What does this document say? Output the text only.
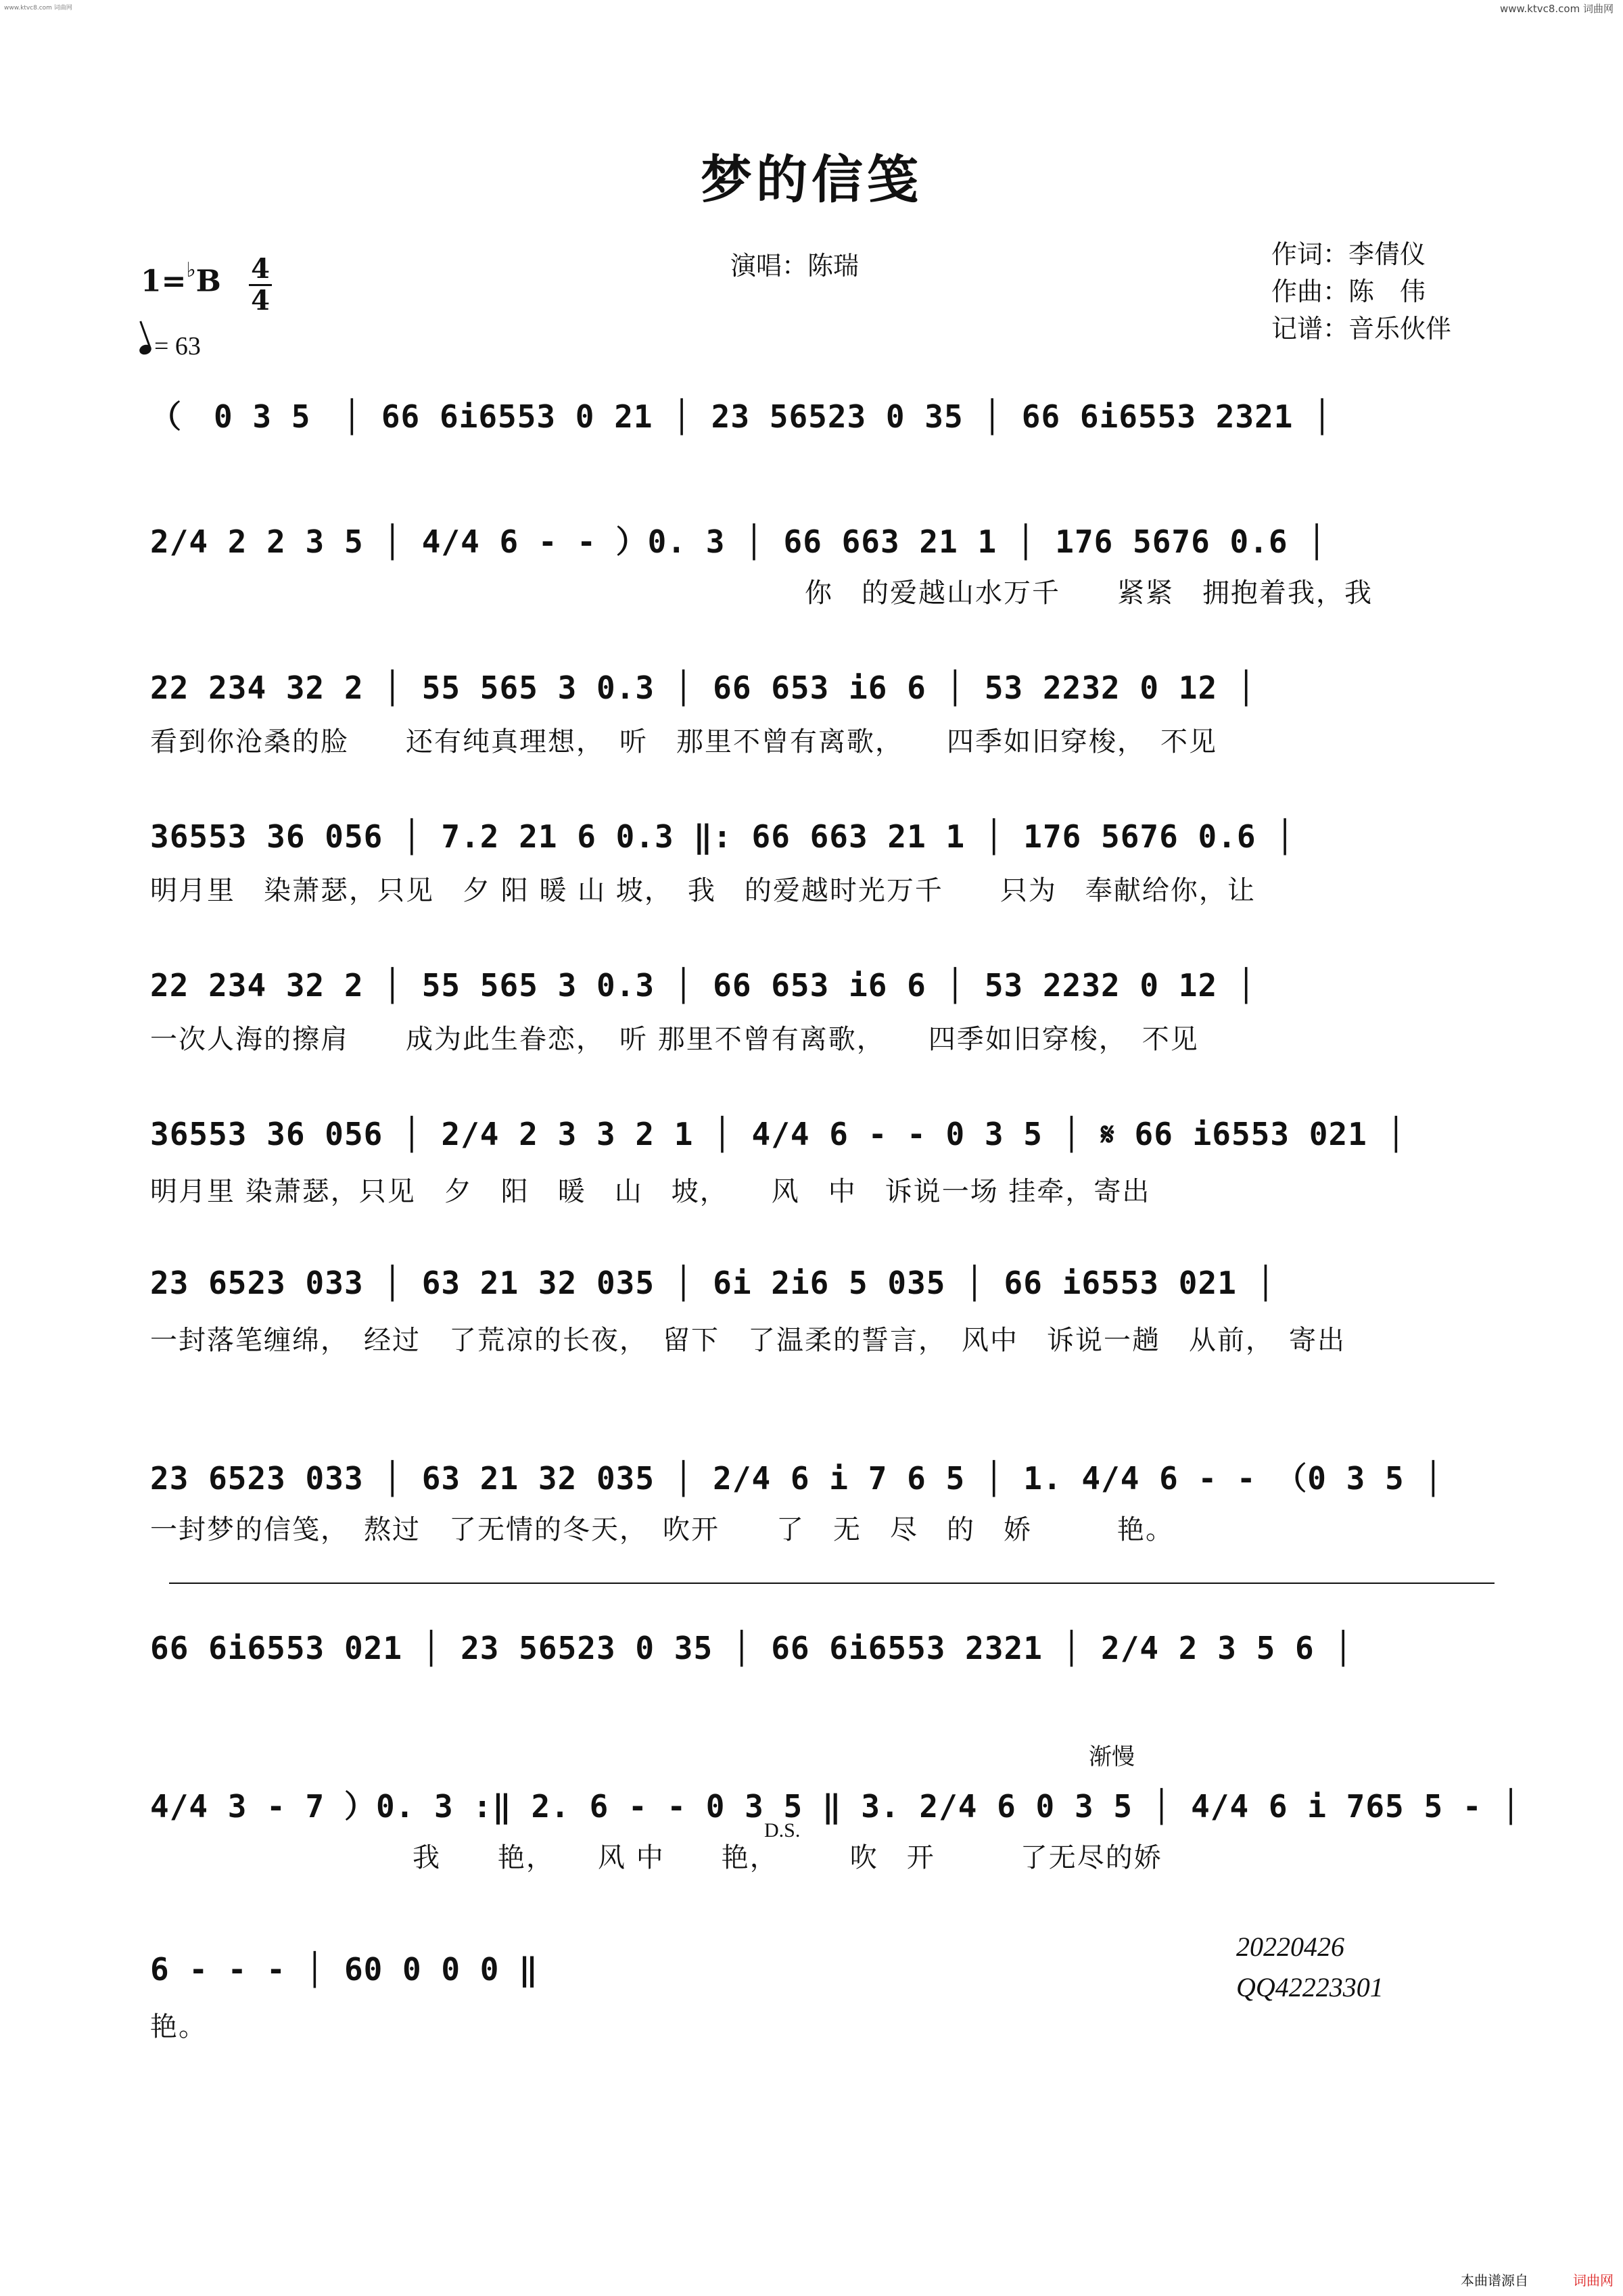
www.ktvc8.com 词曲网	www.ktvc8.com 词曲网
梦的信笺
演唱：陈瑞	作词：李倩仪
作曲：陈　伟
记谱：音乐伙伴
1=♭B 4
4
= 63
（　0 3 5　│ 66 6i6553 0 21 │ 23 56523 0 35 │ 66 6i6553 2321 │
2/4 2 2 3 5 │ 4/4 6 - - ）0. 3 │ 66 663 21 1 │ 176 5676 0.6 │
你　的爱越山水万千　　紧紧　拥抱着我，我
22 234 32 2 │ 55 565 3 0.3 │ 66 653 i6 6 │ 53 2232 0 12 │
看到你沧桑的脸　　还有纯真理想，　听　那里不曾有离歌，　　四季如旧穿梭，　不见
36553 36 056 │ 7.2 21 6 0.3 ‖: 66 663 21 1 │ 176 5676 0.6 │
明月里　染萧瑟，只见　夕 阳 暖 山 坡，　我　的爱越时光万千　　只为　奉献给你，让
22 234 32 2 │ 55 565 3 0.3 │ 66 653 i6 6 │ 53 2232 0 12 │
一次人海的擦肩　　成为此生眷恋，　听 那里不曾有离歌，　　四季如旧穿梭，　不见
36553 36 056 │ 2/4 2 3 3 2 1 │ 4/4 6 - - 0 3 5 │ 𝄋 66 i6553 021 │
明月里 染萧瑟，只见　夕　阳　暖　山　坡，　　风　中　诉说一场 挂牵，寄出
23 6523 033 │ 63 21 32 035 │ 6i 2i6 5 035 │ 66 i6553 021 │
一封落笔缠绵，　经过　了荒凉的长夜，　留下　了温柔的誓言，　风中　诉说一趟　从前，　寄出
23 6523 033 │ 63 21 32 035 │ 2/4 6 i 7 6 5 │ 1. 4/4 6 - - （0 3 5 │
一封梦的信笺，　熬过　了无情的冬天，　吹开　　了　无　尽　的　娇　　　艳。
66 6i6553 021 │ 23 56523 0 35 │ 66 6i6553 2321 │ 2/4 2 3 5 6 │
渐慢
4/4 3 - 7 ）0. 3 :‖ 2. 6 - - 0 3 5 ‖ 3. 2/4 6 0 3 5 │ 4/4 6 i 765 5 - │
D.S.
我　　艳，　　风 中　　艳，　　　吹　开　　　了无尽的娇
6 - - - │ 60 0 0 0 ‖
艳。
20220426
QQ42223301
本曲谱源自	词曲网
